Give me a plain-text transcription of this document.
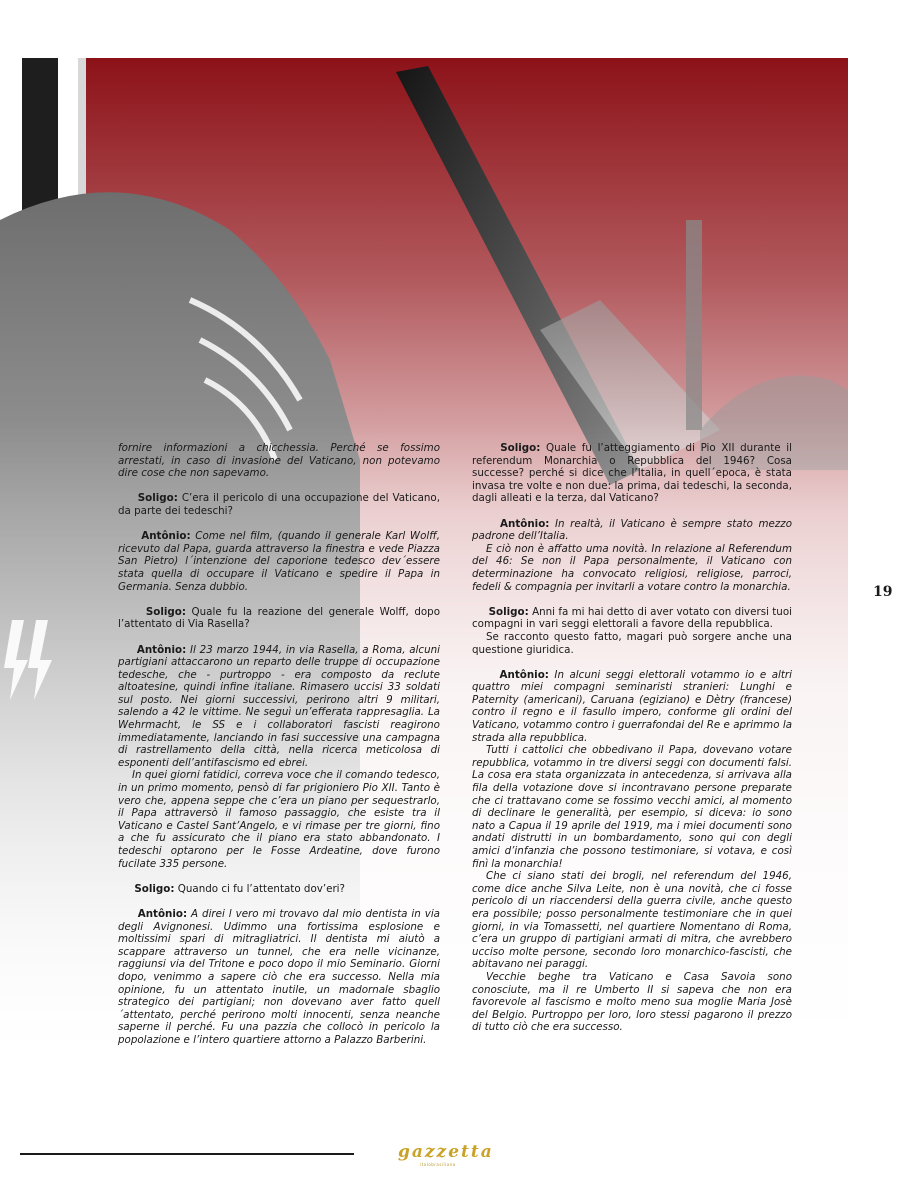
fornire informazioni a chicchessia. Perché se fossimo arrestati, in caso di invasione del Vaticano, non potevamo dire cose che non sapevamo.

Soligo: C’era il pericolo di una occupazione del Vaticano, da parte dei tedeschi?

Antônio: Come nel film, (quando il generale Karl Wolff, ricevuto dal Papa, guarda attraverso la finestra e vede Piazza San Pietro) l´intenzione del caporione tedesco dev´essere stata quella di occupare il Vaticano e spedire il Papa in Germania. Senza dubbio.

Soligo: Quale fu la reazione del generale Wolff, dopo l’attentato di Via Rasella?

Antônio: Il 23 marzo 1944, in via Rasella, a Roma, alcuni partigiani attaccarono un reparto delle truppe di occupazione tedesche, che - purtroppo - era composto da reclute altoatesine, quindi infine italiane. Rimasero uccisi 33 soldati sul posto. Nei giorni successivi, perirono altri 9 militari, salendo a 42 le vittime. Ne seguì un’efferata rappresaglia. La Wehrmacht, le SS e i collaboratori fascisti reagirono immediatamente, lanciando in fasi successive una campagna di rastrellamento della città, nella ricerca meticolosa di esponenti dell’antifascismo ed ebrei.

In quei giorni fatidici, correva voce che il comando tedesco, in un primo momento, pensò di far prigioniero Pio XII. Tanto è vero che, appena seppe che c’era un piano per sequestrarlo, il Papa attraversò il famoso passaggio, che esiste tra il Vaticano e Castel Sant’Angelo, e vi rimase per tre giorni, fino a che fu assicurato che il piano era stato abbandonato. I tedeschi optarono per le Fosse Ardeatine, dove furono fucilate 335 persone.

Soligo: Quando ci fu l’attentato dov’eri?

Antônio: A direi l vero mi trovavo dal mio dentista in via degli Avignonesi. Udimmo una fortissima esplosione e moltissimi spari di mitragliatrici. Il dentista mi aiutò a scappare attraverso un tunnel, che era nelle vicinanze, raggiunsi via del Tritone e poco dopo il mio Seminario. Giorni dopo, venimmo a sapere ciò che era successo. Nella mia opinione, fu un attentato inutile, un madornale sbaglio strategico dei partigiani; non dovevano aver fatto quell´attentato, perché perirono molti innocenti, senza neanche saperne il perché. Fu una pazzia che collocò in pericolo la popolazione e l’intero quartiere attorno a Palazzo Barberini.

Soligo: Quale fu l’atteggiamento di Pio XII durante il referendum Monarchia o Repubblica del 1946? Cosa successe? perché si dice che l’Italia, in quell´epoca, è stata invasa tre volte e non due: la prima, dai tedeschi, la seconda, dagli alleati e la terza, dal Vaticano?

Antônio: In realtà, il Vaticano è sempre stato mezzo padrone dell’Italia.

E ciò non è affatto uma novità. In relazione al Referendum del 46: Se non il Papa personalmente, il Vaticano con determinazione ha convocato religiosi, religiose, parroci, fedeli & compagnia per invitarli a votare contro la monarchia.

Soligo: Anni fa mi hai detto di aver votato con diversi tuoi compagni in vari seggi elettorali a favore della repubblica.

Se racconto questo fatto, magari può sorgere anche una questione giuridica.

Antônio: In alcuni seggi elettorali votammo io e altri quattro miei compagni seminaristi stranieri: Lunghi e Paternity (americani), Caruana (egiziano) e Dètry (francese) contro il regno e il fasullo impero, conforme gli ordini del Vaticano, votammo contro i guerrafondai del Re e aprimmo la strada alla repubblica.

Tutti i cattolici che obbedivano il Papa, dovevano votare repubblica, votammo in tre diversi seggi con documenti falsi. La cosa era stata organizzata in antecedenza, si arrivava alla fila della votazione dove si incontravano persone preparate che ci trattavano come se fossimo vecchi amici, al momento di declinare le generalità, per esempio, si diceva: io sono nato a Capua il 19 aprile del 1919, ma i miei documenti sono andati distrutti in un bombardamento, sono qui con degli amici d’infanzia che possono testimoniare, si votava, e così finì la monarchia!

Che ci siano stati dei brogli, nel referendum del 1946, come dice anche Silva Leite, non è una novità, che ci fosse pericolo di un riaccendersi della guerra civile, anche questo era possibile; posso personalmente testimoniare che in quei giorni, in via Tomassetti, nel quartiere Nomentano di Roma, c’era un gruppo di partigiani armati di mitra, che avrebbero ucciso molte persone, secondo loro monarchico-fascisti, che abitavano nei paraggi.

Vecchie beghe tra Vaticano e Casa Savoia sono conosciute, ma il re Umberto II si sapeva che non era favorevole al fascismo e molto meno sua moglie Maria Josè del Belgio. Purtroppo per loro, loro stessi pagarono il prezzo di tutto ciò che era successo.

19
gazzetta
italobrasiliana
